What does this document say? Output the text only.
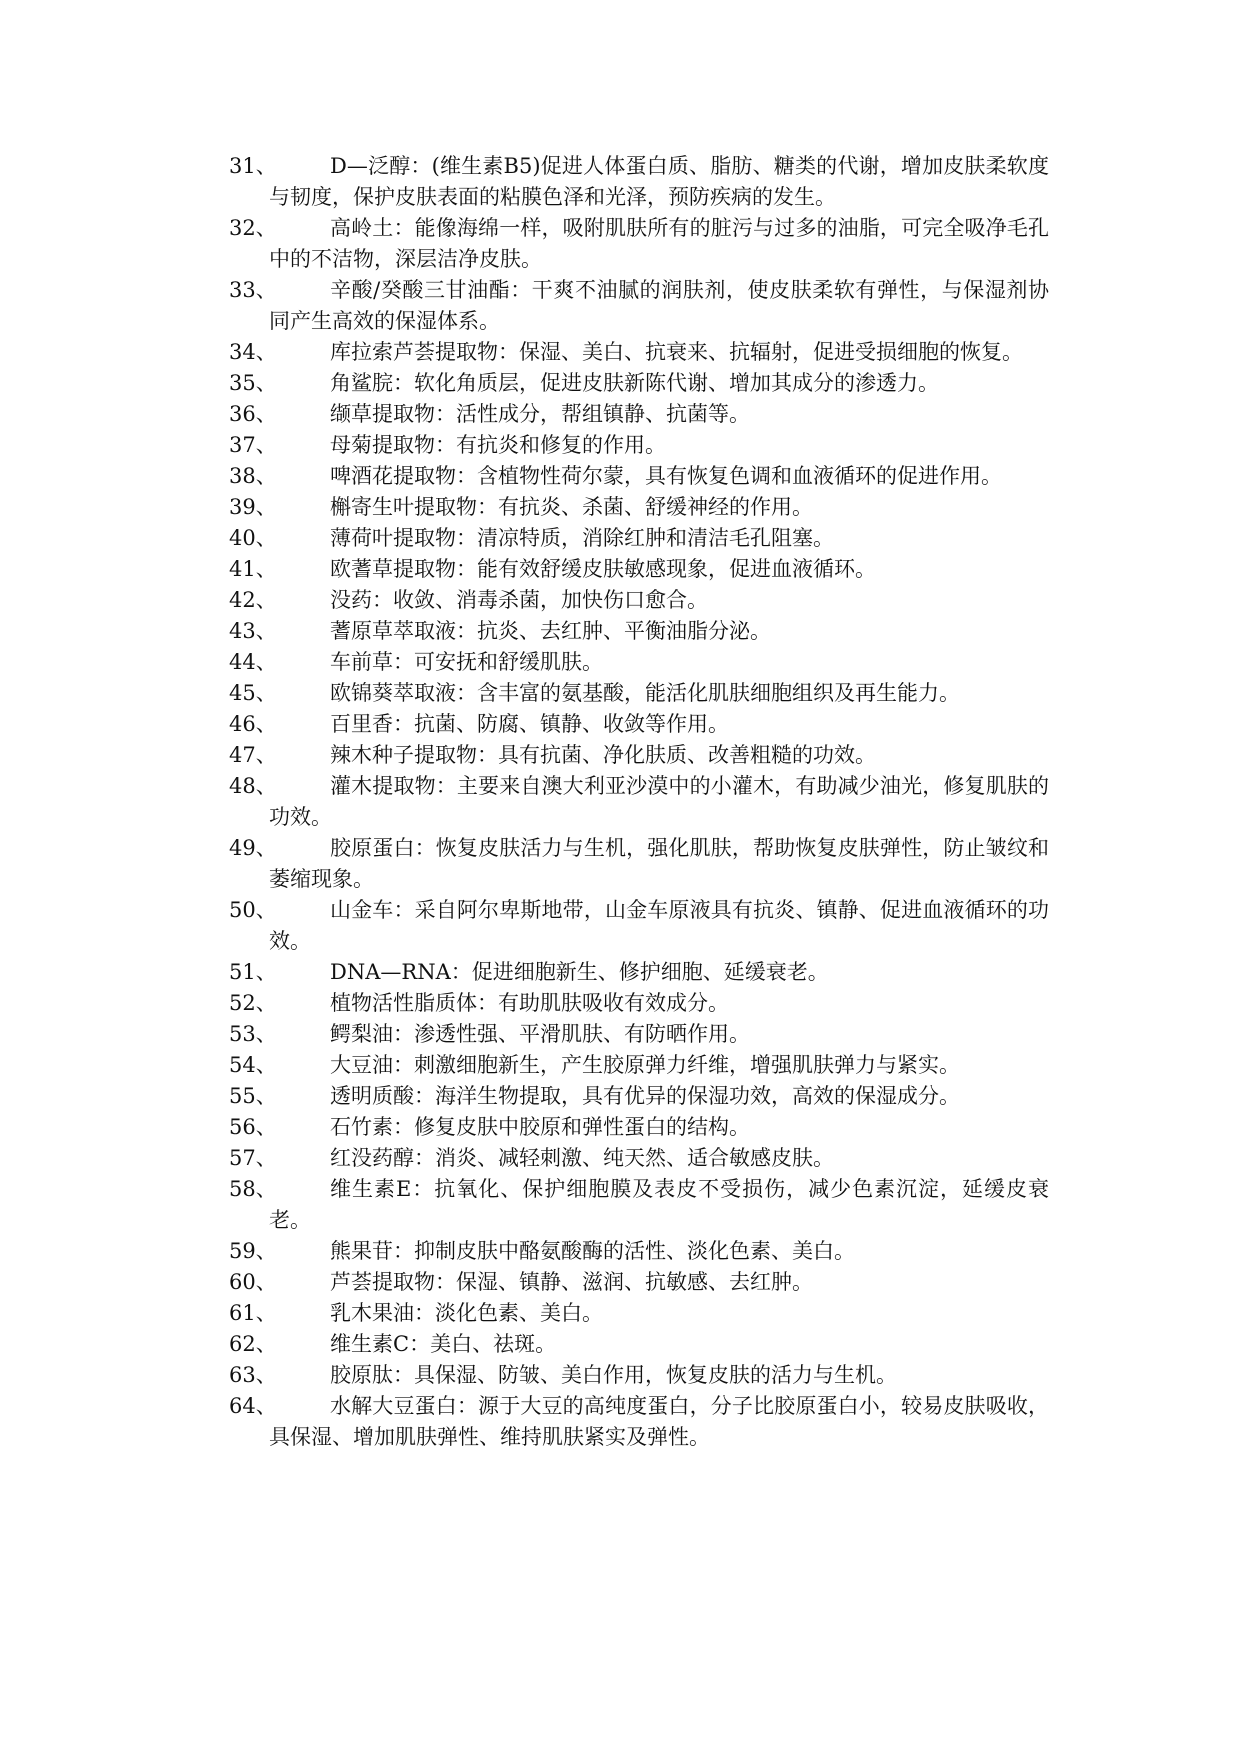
31、	D—泛醇：(维生素B5)促进人体蛋白质、脂肪、糖类的代谢，增加皮肤柔软度与韧度，保护皮肤表面的粘膜色泽和光泽，预防疾病的发生。
32、	高岭土：能像海绵一样，吸附肌肤所有的脏污与过多的油脂，可完全吸净毛孔中的不洁物，深层洁净皮肤。
33、	辛酸/癸酸三甘油酯：干爽不油腻的润肤剂，使皮肤柔软有弹性，与保湿剂协同产生高效的保湿体系。
34、	库拉索芦荟提取物：保湿、美白、抗衰来、抗辐射，促进受损细胞的恢复。
35、	角鲨脘：软化角质层，促进皮肤新陈代谢、增加其成分的渗透力。
36、	缬草提取物：活性成分，帮组镇静、抗菌等。
37、	母菊提取物：有抗炎和修复的作用。
38、	啤酒花提取物：含植物性荷尔蒙，具有恢复色调和血液循环的促进作用。
39、	槲寄生叶提取物：有抗炎、杀菌、舒缓神经的作用。
40、	薄荷叶提取物：清凉特质，消除红肿和清洁毛孔阻塞。
41、	欧蓍草提取物：能有效舒缓皮肤敏感现象，促进血液循环。
42、	没药：收敛、消毒杀菌，加快伤口愈合。
43、	蓍原草萃取液：抗炎、去红肿、平衡油脂分泌。
44、	车前草：可安抚和舒缓肌肤。
45、	欧锦葵萃取液：含丰富的氨基酸，能活化肌肤细胞组织及再生能力。
46、	百里香：抗菌、防腐、镇静、收敛等作用。
47、	辣木种子提取物：具有抗菌、净化肤质、改善粗糙的功效。
48、	灌木提取物：主要来自澳大利亚沙漠中的小灌木，有助减少油光，修复肌肤的功效。
49、	胶原蛋白：恢复皮肤活力与生机，强化肌肤，帮助恢复皮肤弹性，防止皱纹和萎缩现象。
50、	山金车：采自阿尔卑斯地带，山金车原液具有抗炎、镇静、促进血液循环的功效。
51、	DNA—RNA：促进细胞新生、修护细胞、延缓衰老。
52、	植物活性脂质体：有助肌肤吸收有效成分。
53、	鳄梨油：渗透性强、平滑肌肤、有防晒作用。
54、	大豆油：刺激细胞新生，产生胶原弹力纤维，增强肌肤弹力与紧实。
55、	透明质酸：海洋生物提取，具有优异的保湿功效，高效的保湿成分。
56、	石竹素：修复皮肤中胶原和弹性蛋白的结构。
57、	红没药醇：消炎、减轻刺激、纯天然、适合敏感皮肤。
58、	维生素E：抗氧化、保护细胞膜及表皮不受损伤，减少色素沉淀，延缓皮衰老。
59、	熊果苷：抑制皮肤中酪氨酸酶的活性、淡化色素、美白。
60、	芦荟提取物：保湿、镇静、滋润、抗敏感、去红肿。
61、	乳木果油：淡化色素、美白。
62、	维生素C：美白、祛斑。
63、	胶原肽：具保湿、防皱、美白作用，恢复皮肤的活力与生机。
64、	水解大豆蛋白：源于大豆的高纯度蛋白，分子比胶原蛋白小，较易皮肤吸收，具保湿、增加肌肤弹性、维持肌肤紧实及弹性。
